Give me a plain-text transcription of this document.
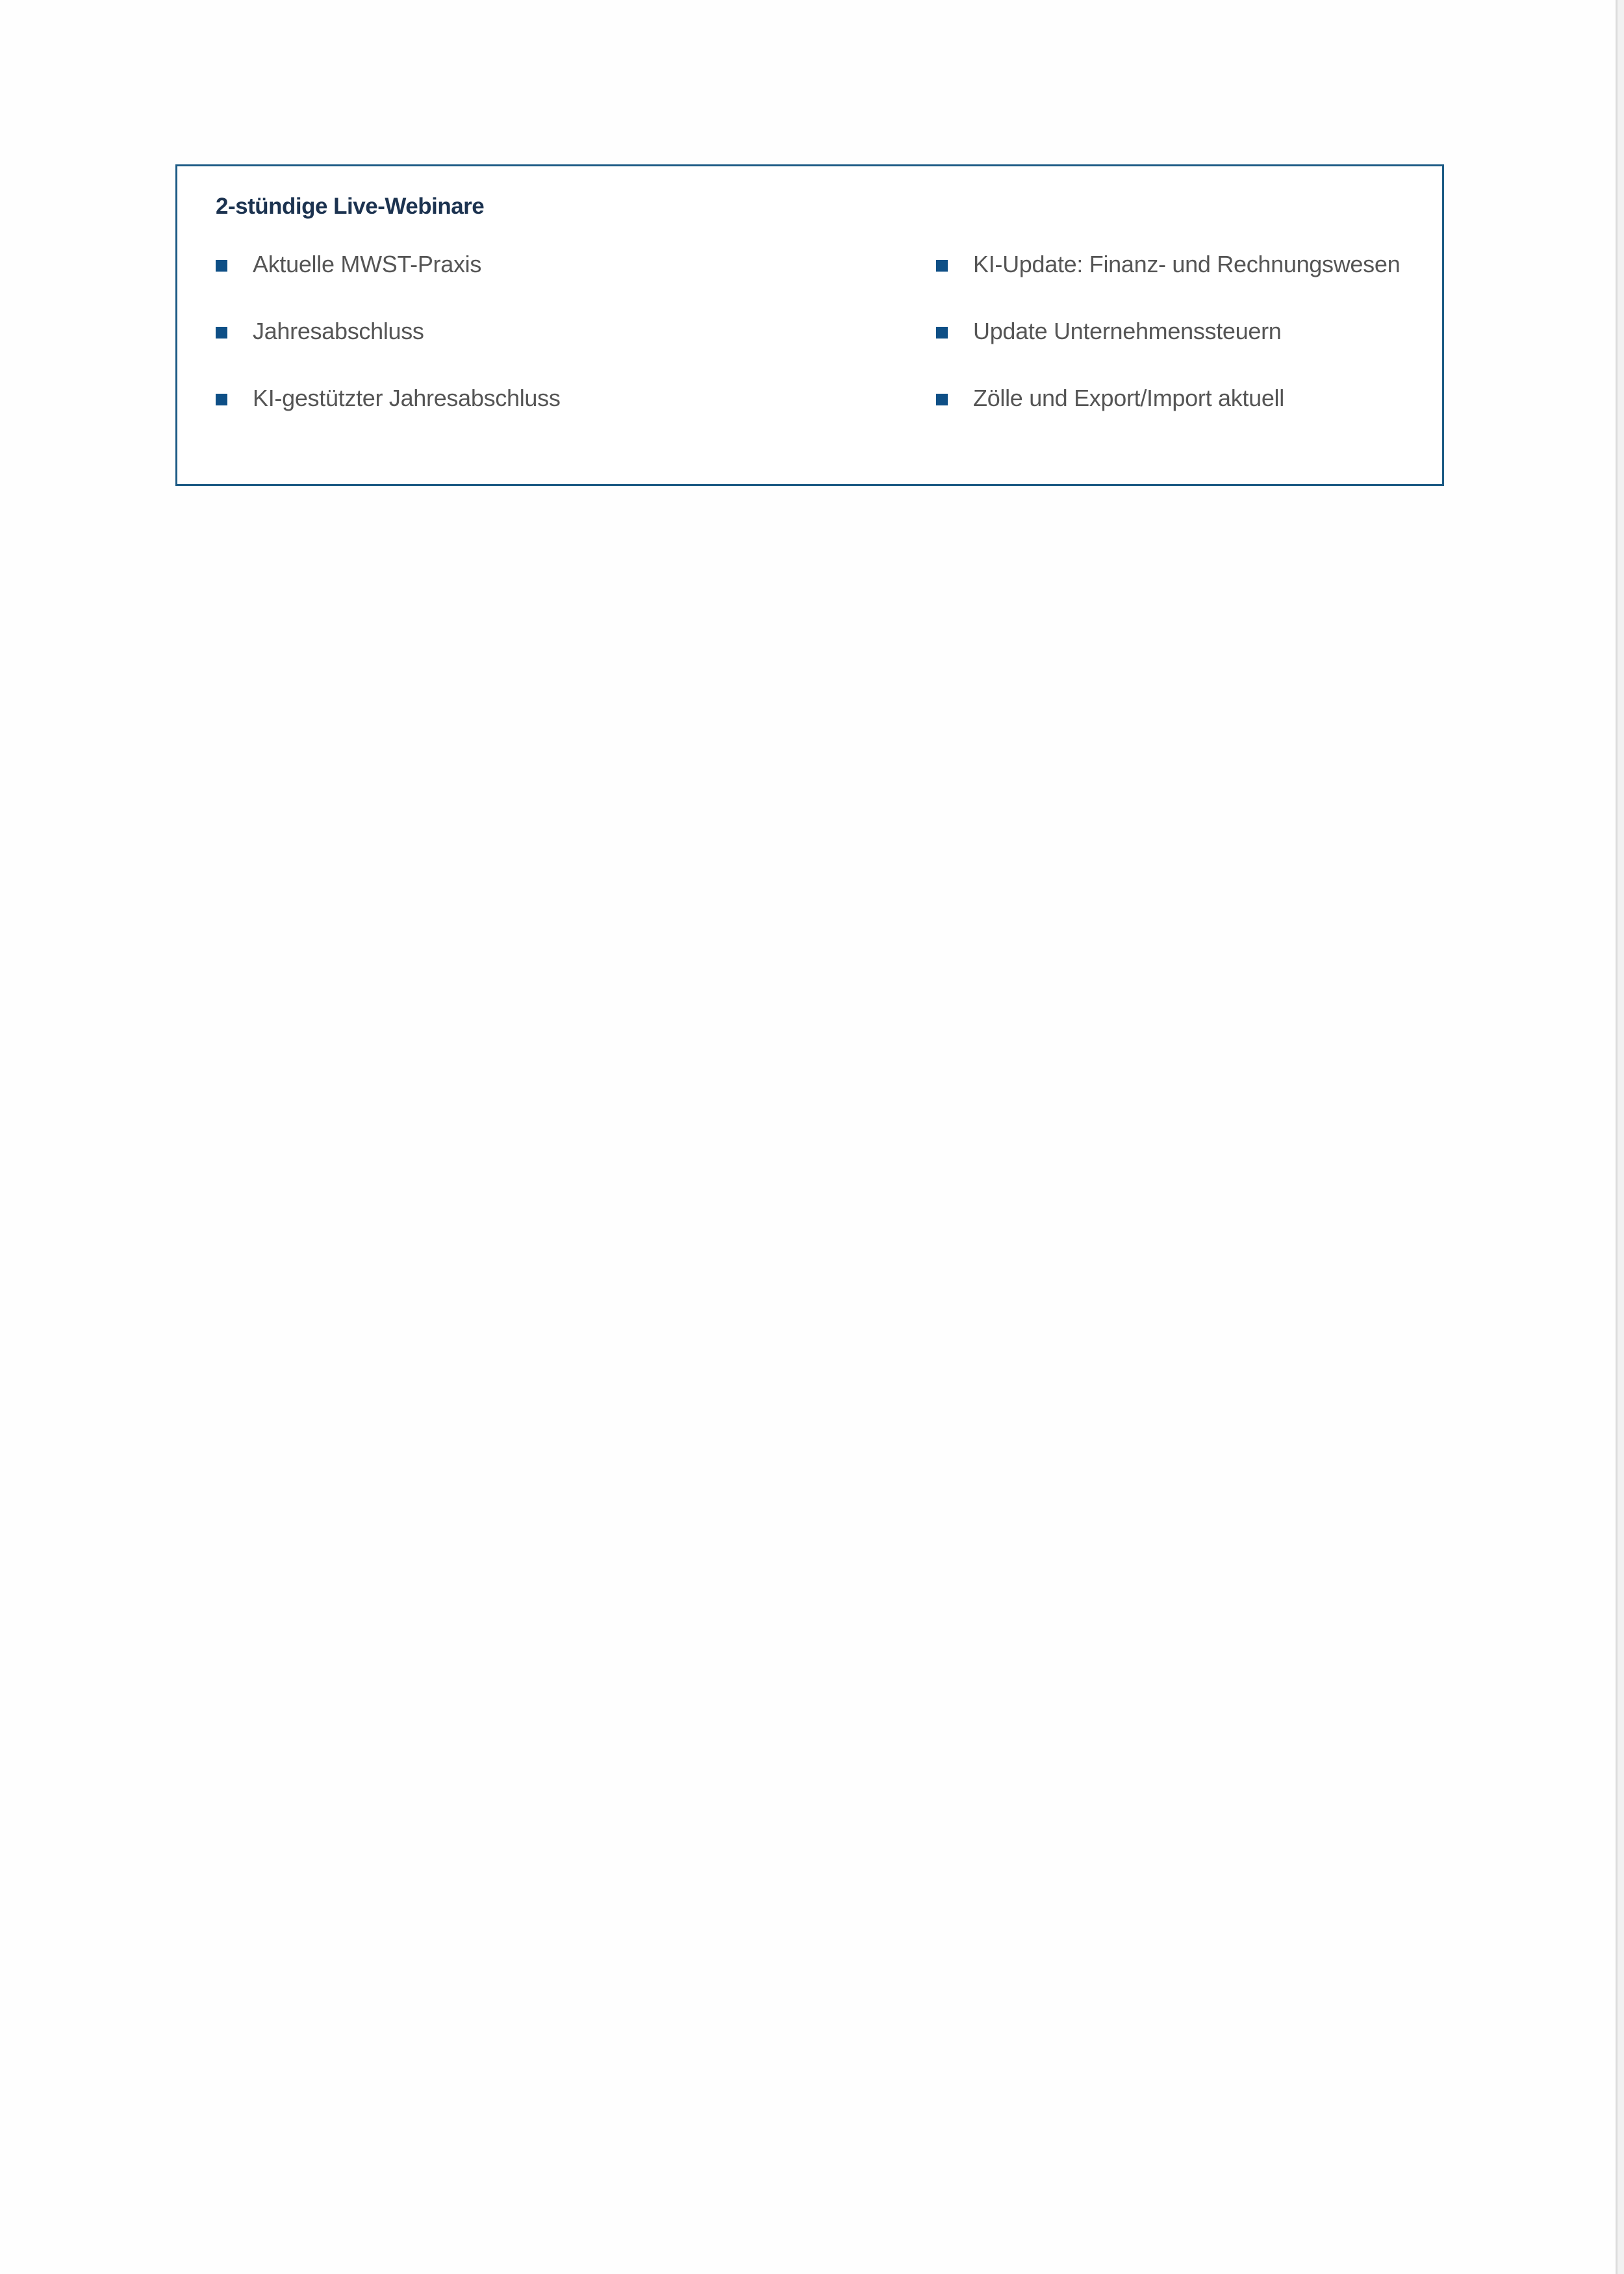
2-stündige Live-Webinare
Aktuelle MWST-Praxis
Jahresabschluss
KI-gestützter Jahresabschluss
KI-Update: Finanz- und Rechnungswesen
Update Unternehmenssteuern
Zölle und Export/Import aktuell
